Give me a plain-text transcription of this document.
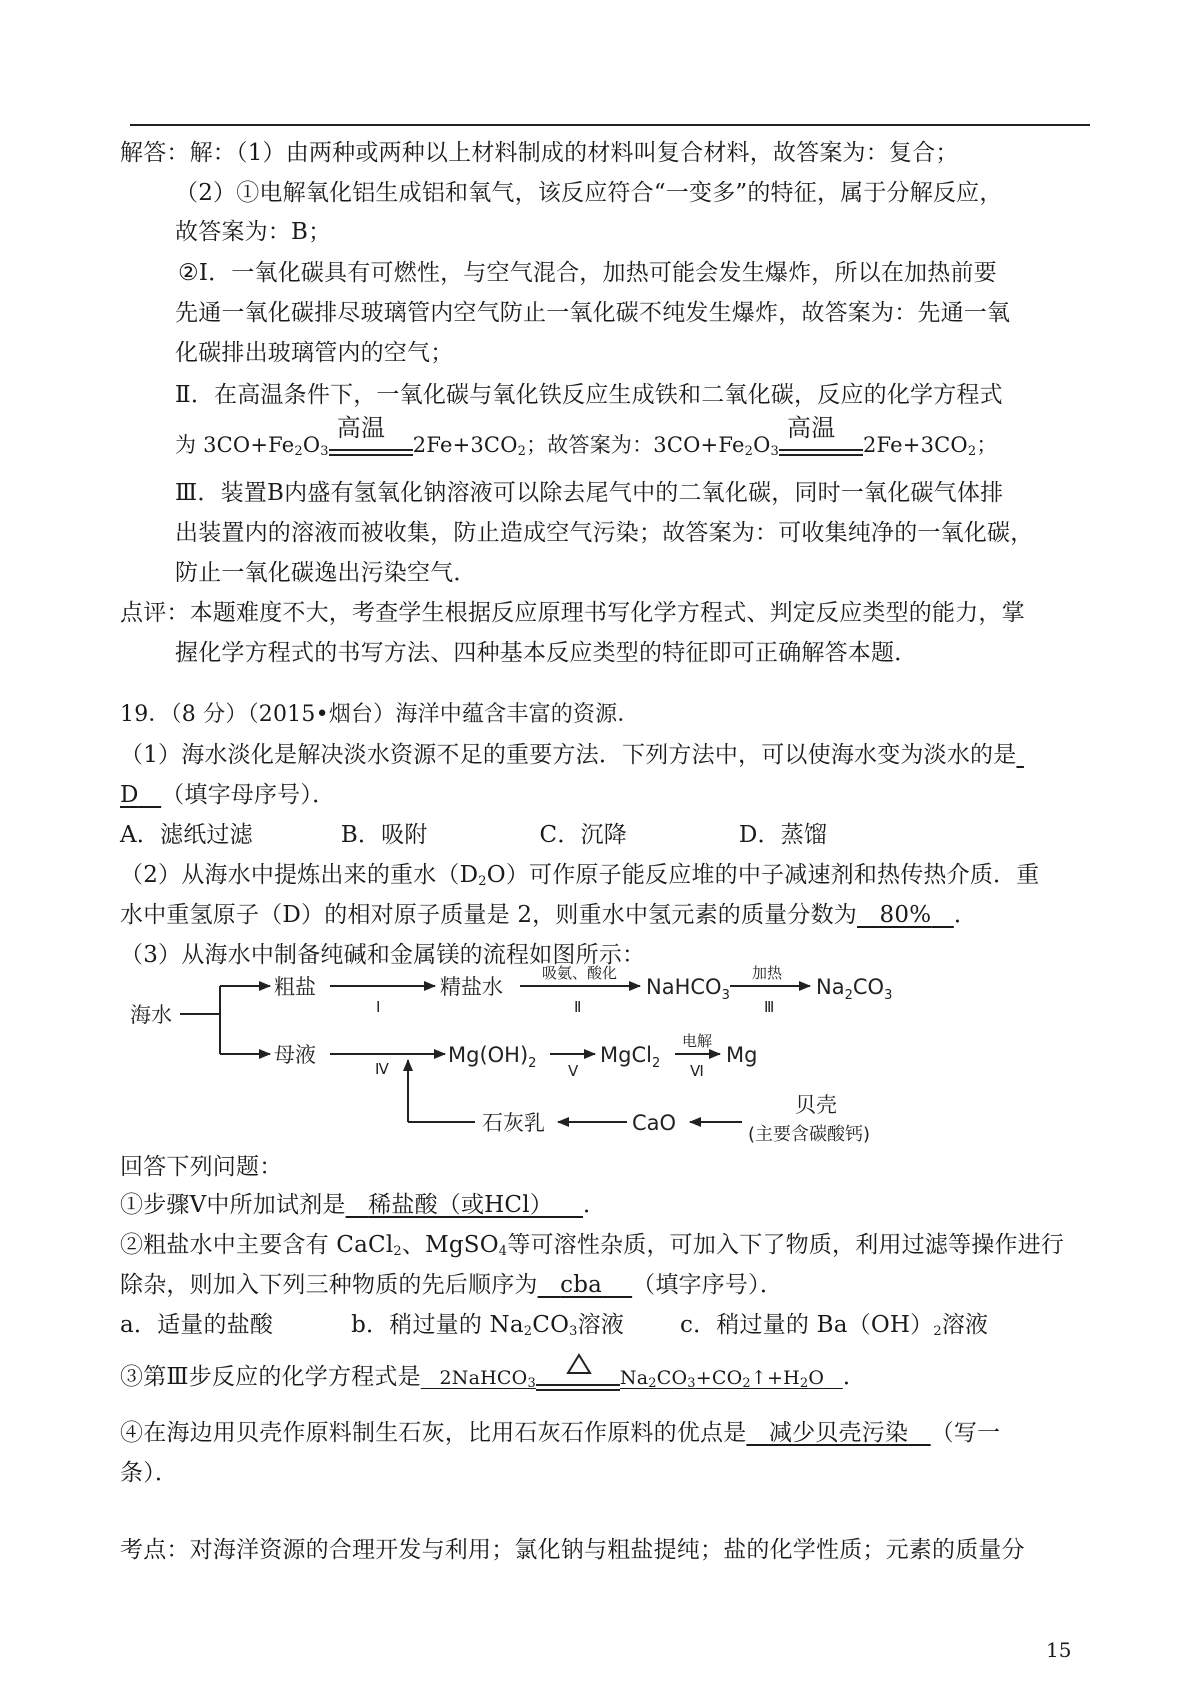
解答：解：（1）由两种或两种以上材料制成的材料叫复合材料，故答案为：复合；
（2）①电解氧化铝生成铝和氧气，该反应符合“一变多”的特征，属于分解反应，
故答案为：B；
②Ⅰ．一氧化碳具有可燃性，与空气混合，加热可能会发生爆炸，所以在加热前要
先通一氧化碳排尽玻璃管内空气防止一氧化碳不纯发生爆炸，故答案为：先通一氧
化碳排出玻璃管内的空气；
Ⅱ．在高温条件下，一氧化碳与氧化铁反应生成铁和二氧化碳，反应的化学方程式
为 $3CO+Fe_2O_3$
高温
$2Fe+3CO_2$；故答案为：$3CO+Fe_2O_3$
高温
$2Fe+3CO_2$；
Ⅲ．装置B内盛有氢氧化钠溶液可以除去尾气中的二氧化碳，同时一氧化碳气体排
出装置内的溶液而被收集，防止造成空气污染；故答案为：可收集纯净的一氧化碳，
防止一氧化碳逸出污染空气．
点评：本题难度不大，考查学生根据反应原理书写化学方程式、判定反应类型的能力，掌
握化学方程式的书写方法、四种基本反应类型的特征即可正确解答本题．
19．（8 分）（2015•烟台）海洋中蕴含丰富的资源．
（1）海水淡化是解决淡水资源不足的重要方法．下列方法中，可以使海水变为淡水的是
D （填字母序号）．
A．滤纸过滤	B．吸附	C．沉降	D．蒸馏
（2）从海水中提炼出来的重水$(D_2O)$可作原子能反应堆的中子减速剂和热传热介质．重
水中重氢原子（D）的相对原子质量是 2，则重水中氢元素的质量分数为 80% ．
（3）从海水中制备纯碱和金属镁的流程如图所示：
海水
粗盐	精盐水	NaHCO$_3$	$Na_2CO_3$
母液	$Mg(OH)_2$	MgCl$_2$	Mg
石灰乳	CaO
贝壳
(主要含碳酸钙)
Ⅰ
吸氨、酸化
Ⅱ
加热
Ⅲ
Ⅳ	Ⅴ
电解
Ⅵ
回答下列问题：
①步骤Ⅴ中所加试剂是 稀盐酸（或HCl） ．
②粗盐水中主要含有 CaCl$_2$、MgSO$_4$等可溶性杂质，可加入下了物质，利用过滤等操作进行
除杂，则加入下列三种物质的先后顺序为 cba （填字序号）．
a．适量的盐酸	b．稍过量的 $Na_2CO_3$溶液 c．稍过量的 $Ba(OH)_2$溶液
③第Ⅲ步反应的化学方程式是 2NaHCO$_3$	$Na_2CO_3+CO_2↑+H_2O$   ．
④在海边用贝壳作原料制生石灰，比用石灰石作原料的优点是 减少贝壳污染 （写一
条）．
考点：对海洋资源的合理开发与利用；氯化钠与粗盐提纯；盐的化学性质；元素的质量分
15
